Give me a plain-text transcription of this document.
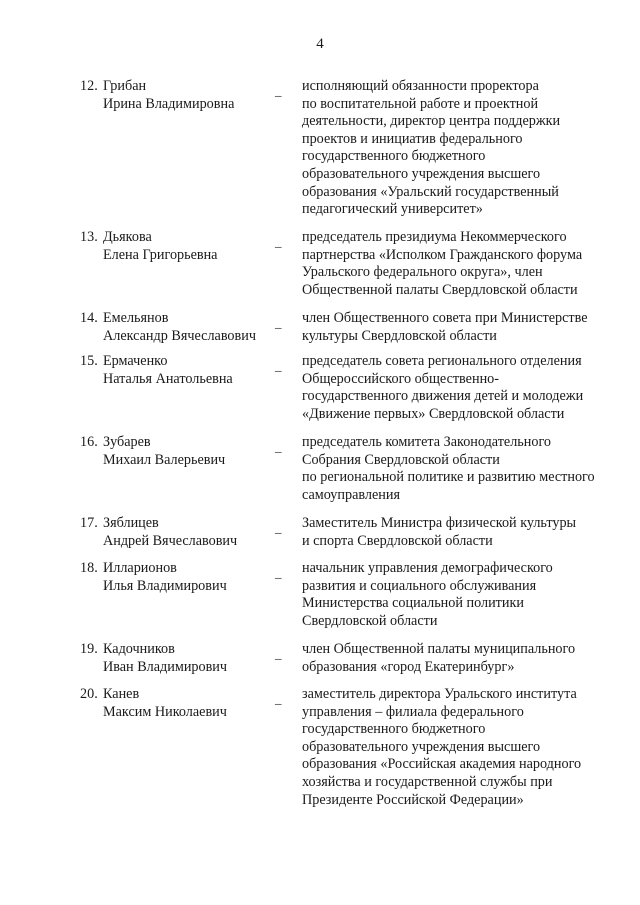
4
12. Грибан
Ирина Владимировна
_ исполняющий обязанности проректора
по воспитательной работе и проектной
деятельности, директор центра поддержки
проектов и инициатив федерального
государственного бюджетного
образовательного учреждения высшего
образования «Уральский государственный
педагогический университет»
13. Дьякова
Елена Григорьевна
_ председатель президиума Некоммерческого
партнерства «Исполком Гражданского форума
Уральского федерального округа», член
Общественной палаты Свердловской области
14. Емельянов
Александр Вячеславович
_ член Общественного совета при Министерстве
культуры Свердловской области
15. Ермаченко
Наталья Анатольевна
_ председатель совета регионального отделения
Общероссийского общественно-
государственного движения детей и молодежи
«Движение первых» Свердловской области
16. Зубарев
Михаил Валерьевич
_ председатель комитета Законодательного
Собрания Свердловской области
по региональной политике и развитию местного
самоуправления
17. Зяблицев
Андрей Вячеславович
_ Заместитель Министра физической культуры
и спорта Свердловской области
18. Илларионов
Илья Владимирович
_ начальник управления демографического
развития и социального обслуживания
Министерства социальной политики
Свердловской области
19. Кадочников
Иван Владимирович
_ член Общественной палаты муниципального
образования «город Екатеринбург»
20. Канев
Максим Николаевич
_ заместитель директора Уральского института
управления – филиала федерального
государственного бюджетного
образовательного учреждения высшего
образования «Российская академия народного
хозяйства и государственной службы при
Президенте Российской Федерации»
